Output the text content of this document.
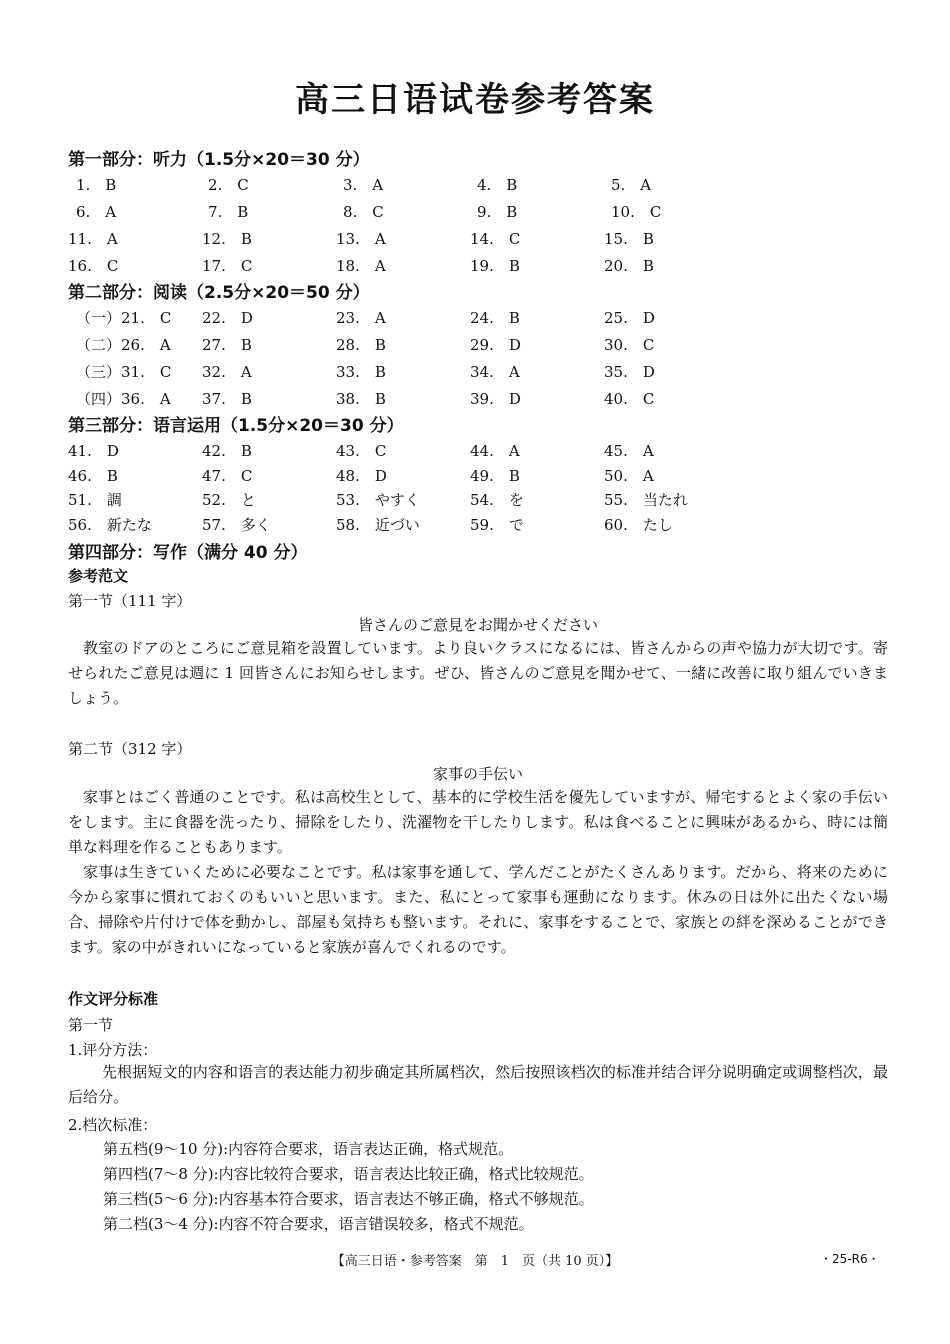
高三日语试卷参考答案
第一部分：听力（1.5分×20＝30 分）
1.　B	2.　C	3.　A	4.　B	5.　A
6.　A	7.　B	8.　C	9.　B	10.　C
11.　A	12.　B	13.　A	14.　C	15.　B
16.　C	17.　C	18.　A	19.　B	20.　B
第二部分：阅读（2.5分×20＝50 分）
（一）21.　C 22.　D	23.　A	24.　B	25.　D
（二）26.　A 27.　B	28.　B	29.　D	30.　C
（三）31.　C 32.　A	33.　B	34.　A	35.　D
（四）36.　A 37.　B	38.　B	39.　D	40.　C
第三部分：语言运用（1.5分×20＝30 分）
41.　D	42.　B	43.　C	44.　A	45.　A
46.　B	47.　C	48.　D	49.　B	50.　A
51.　調	52.　と	53.　やすく	54.　を	55.　当たれ
56.　新たな	57.　多く	58.　近づい	59.　で	60.　たし
第四部分：写作（满分 40 分）
参考范文
第一节（111 字）
皆さんのご意見をお聞かせください
教室のドアのところにご意見箱を設置しています。より良いクラスになるには、皆さんからの声や協力が大切です。寄せられたご意見は週に 1 回皆さんにお知らせします。ぜひ、皆さんのご意見を聞かせて、一緒に改善に取り組んでいきましょう。
第二节（312 字）
家事の手伝い
家事とはごく普通のことです。私は高校生として、基本的に学校生活を優先していますが、帰宅するとよく家の手伝いをします。主に食器を洗ったり、掃除をしたり、洗濯物を干したりします。私は食べることに興味があるから、時には簡単な料理を作ることもあります。
家事は生きていくために必要なことです。私は家事を通して、学んだことがたくさんあります。だから、将来のために今から家事に慣れておくのもいいと思います。また、私にとって家事も運動になります。休みの日は外に出たくない場合、掃除や片付けで体を動かし、部屋も気持ちも整います。それに、家事をすることで、家族との絆を深めることができます。家の中がきれいになっていると家族が喜んでくれるのです。
作文评分标准
第一节
1.评分方法：
先根据短文的内容和语言的表达能力初步确定其所属档次，然后按照该档次的标准并结合评分说明确定或调整档次，最后给分。
2.档次标准：
第五档(9～10 分):内容符合要求，语言表达正确，格式规范。
第四档(7～8 分):内容比较符合要求，语言表达比较正确，格式比较规范。
第三档(5～6 分):内容基本符合要求，语言表达不够正确，格式不够规范。
第二档(3～4 分):内容不符合要求，语言错误较多，格式不规范。
【高三日语・参考答案　第　1　页（共 10 页）】	・25-R6・
